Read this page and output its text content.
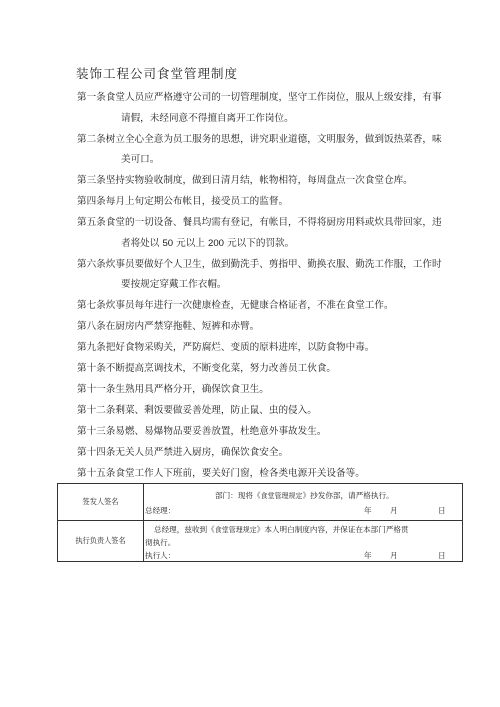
装饰工程公司食堂管理制度

第一条食堂人员应严格遵守公司的一切管理制度，坚守工作岗位，服从上级安排，有事
请假，未经同意不得擅自离开工作岗位。

第二条树立全心全意为员工服务的思想，讲究职业道德，文明服务，做到饭热菜香，味
美可口。

第三条坚持实物验收制度，做到日清月结，帐物相符，每周盘点一次食堂仓库。

第四条每月上旬定期公布帐目，接受员工的监督。

第五条食堂的一切设备、餐具均需有登记，有帐目，不得将厨房用料或炊具带回家，违
者将处以 50 元以上 200 元以下的罚款。

第六条炊事员要做好个人卫生，做到勤洗手、剪指甲、勤换衣服、勤洗工作服，工作时
要按规定穿戴工作衣帽。

第七条炊事员每年进行一次健康检查，无健康合格证者，不准在食堂工作。

第八条在厨房内严禁穿拖鞋、短裤和赤臂。

第九条把好食物采购关，严防腐烂、变质的原料进库，以防食物中毒。

第十条不断提高烹调技术，不断变化菜，努力改善员工伙食。

第十一条生熟用具严格分开，确保饮食卫生。

第十二条剩菜、剩饭要做妥善处理，防止鼠、虫的侵入。

第十三条易燃、易爆物品要妥善放置，杜绝意外事故发生。

第十四条无关人员严禁进入厨房，确保饮食安全。

第十五条食堂工作人下班前，要关好门窗，检各类电源开关设备等。

签发人签名
部门：现将《食堂管理规定》抄发你部，请严格执行。
总经理：	年 月	日
执行负责人签名
总经理，兹收到《食堂管理规定》本人明白制度内容，并保证在本部门严格贯
彻执行。
执行人：	年 月	日
